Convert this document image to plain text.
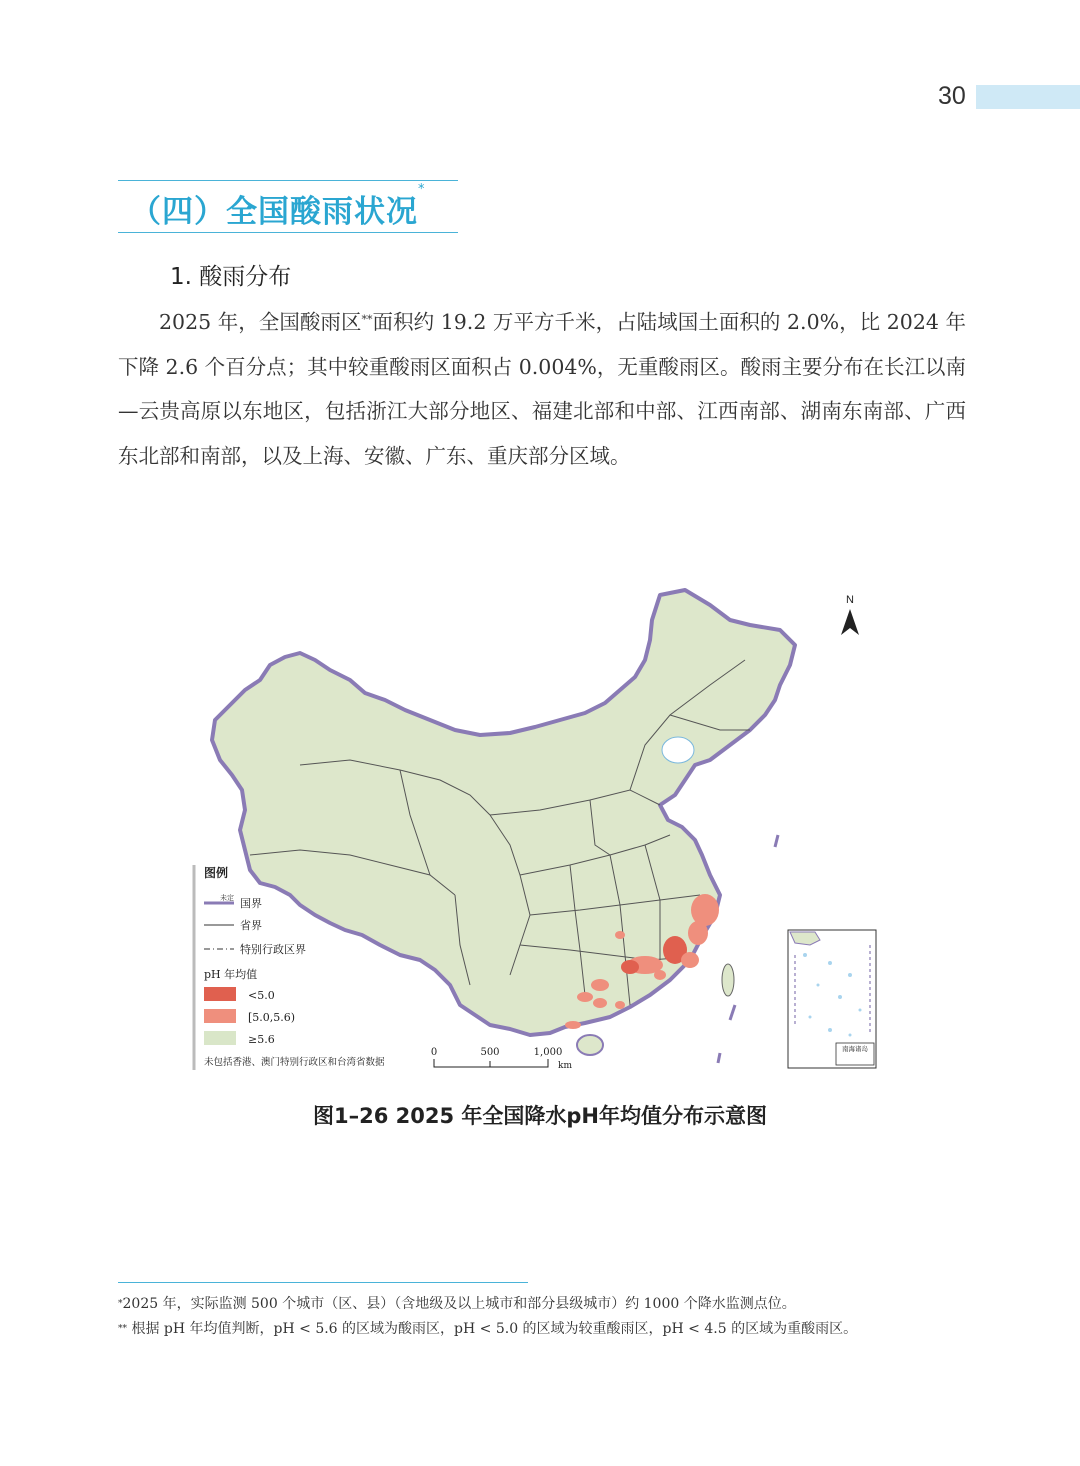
30
（四）全国酸雨状况*
1. 酸雨分布

2025 年，全国酸雨区**面积约 19.2 万平方千米，占陆域国土面积的 2.0%，比 2024 年下降 2.6 个百分点；其中较重酸雨区面积占 0.004%，无重酸雨区。酸雨主要分布在长江以南—云贵高原以东地区，包括浙江大部分地区、福建北部和中部、江西南部、湖南东南部、广西东北部和南部，以及上海、安徽、广东、重庆部分区域。

N
图例
未定 国界
省界
特别行政区界
pH 年均值
<5.0
[5.0,5.6)
≥5.6
未包括香港、澳门特别行政区和台湾省数据
0	500	1,000
km
南海诸岛
图1–26 2025 年全国降水pH年均值分布示意图

*2025 年，实际监测 500 个城市（区、县）（含地级及以上城市和部分县级城市）约 1000 个降水监测点位。

** 根据 pH 年均值判断，pH < 5.6 的区域为酸雨区，pH < 5.0 的区域为较重酸雨区，pH < 4.5 的区域为重酸雨区。
